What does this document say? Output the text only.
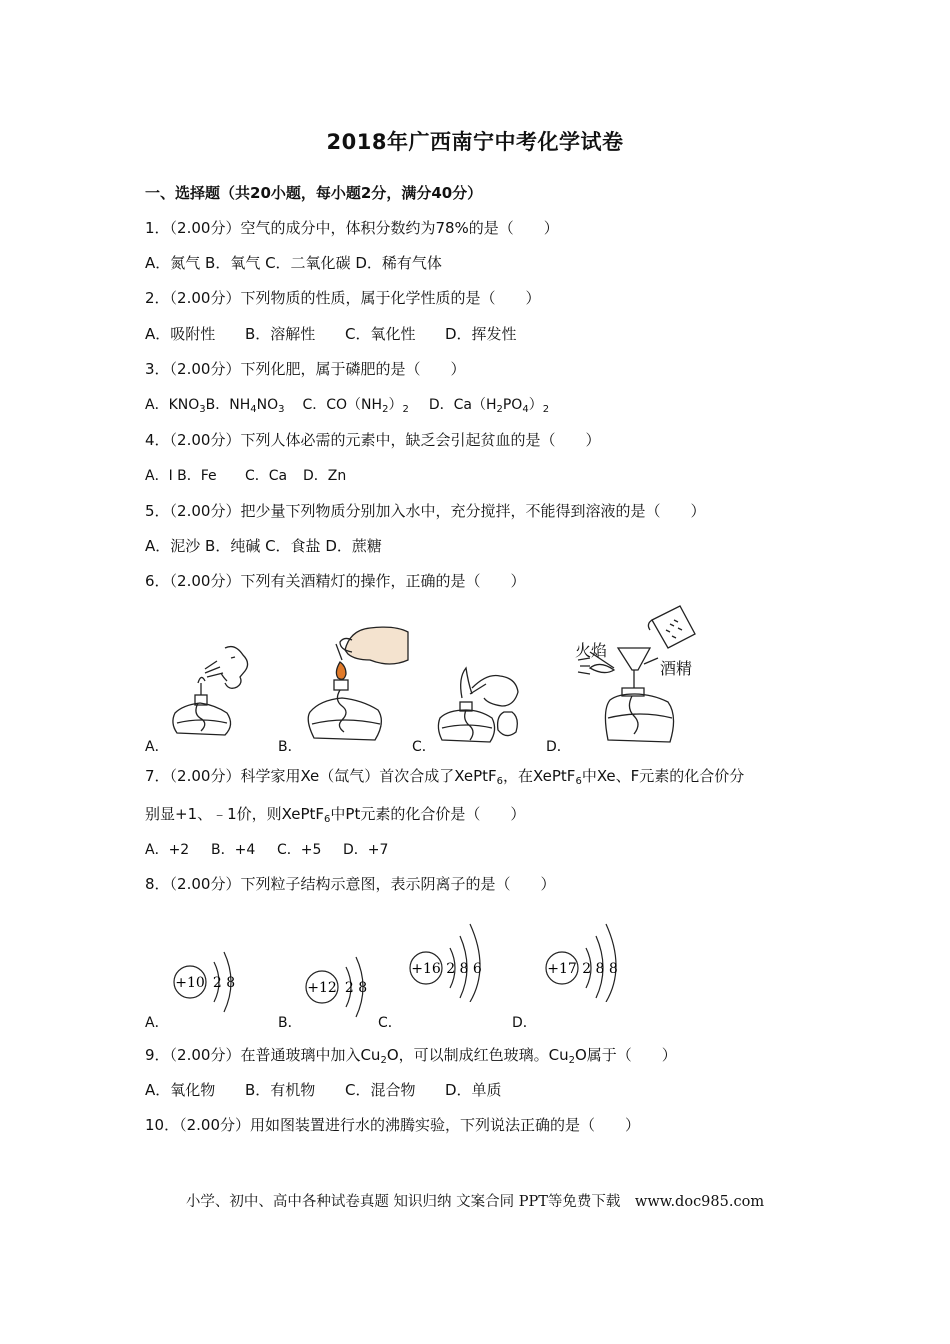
2018年广西南宁中考化学试卷
一、选择题（共20小题，每小题2分，满分40分）
1．（2.00分）空气的成分中，体积分数约为78%的是（　　）
A．氮气 B．氧气 C．二氧化碳 D．稀有气体
2．（2.00分）下列物质的性质，属于化学性质的是（　　）
A．吸附性 B．溶解性 C．氧化性 D．挥发性
3．（2.00分）下列化肥，属于磷肥的是（　　）
A．$KNO_3B$．$NH_4NO_3$ C．$CO(NH_2)_2$ D．$Ca(H_2PO_4)_2$
4．（2.00分）下列人体必需的元素中，缺乏会引起贫血的是（　　）
A．I B．Fe C．Ca D．Zn
5．（2.00分）把少量下列物质分别加入水中，充分搅拌，不能得到溶液的是（　　）
A．泥沙 B．纯碱 C．食盐 D．蔗糖
6．（2.00分）下列有关酒精灯的操作，正确的是（　　）
A．	B．	C．
火焰
酒精
D．
7．（2.00分）科学家用Xe（氙气）首次合成了XePtF$_6$，在XePtF$_6$中Xe、F元素的化合价分
别显+1、﹣1价，则XePtF$_6$中Pt元素的化合价是（　　）
A．+2 B．+4 C．+5 D．+7
8．（2.00分）下列粒子结构示意图，表示阴离子的是（　　）
+10 2 8
A．
+12 2 8
B．
+16 2 8 6
C．
+17 2 8 8
D．
9．（2.00分）在普通玻璃中加入$Cu_2O$，可以制成红色玻璃。$Cu_2O$属于（　　）
A．氧化物 B．有机物 C．混合物 D．单质
10．（2.00分）用如图装置进行水的沸腾实验，下列说法正确的是（　　）
小学、初中、高中各种试卷真题 知识归纳 文案合同 PPT等免费下载　www.doc985.com
